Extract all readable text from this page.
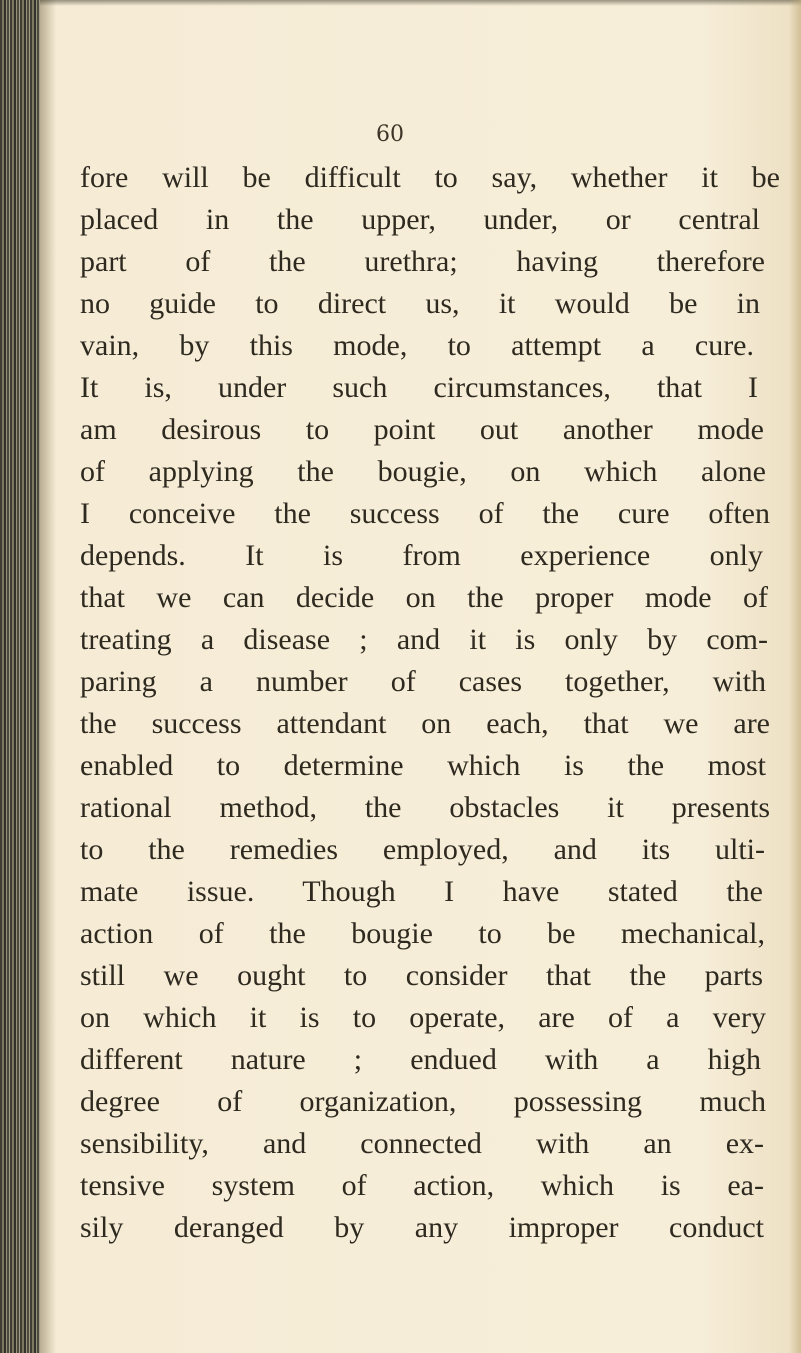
60
fore will be difficult to say, whether it be
placed in the upper, under, or central
part of the urethra; having therefore
no guide to direct us, it would be in
vain, by this mode, to attempt a cure.
It is, under such circumstances, that I
am desirous to point out another mode
of applying the bougie, on which alone
I conceive the success of the cure often
depends. It is from experience only
that we can decide on the proper mode of
treating a disease ; and it is only by com-
paring a number of cases together, with
the success attendant on each, that we are
enabled to determine which is the most
rational method, the obstacles it presents
to the remedies employed, and its ulti-
mate issue. Though I have stated the
action of the bougie to be mechanical,
still we ought to consider that the parts
on which it is to operate, are of a very
different nature ; endued with a high
degree of organization, possessing much
sensibility, and connected with an ex-
tensive system of action, which is ea-
sily deranged by any improper conduct
